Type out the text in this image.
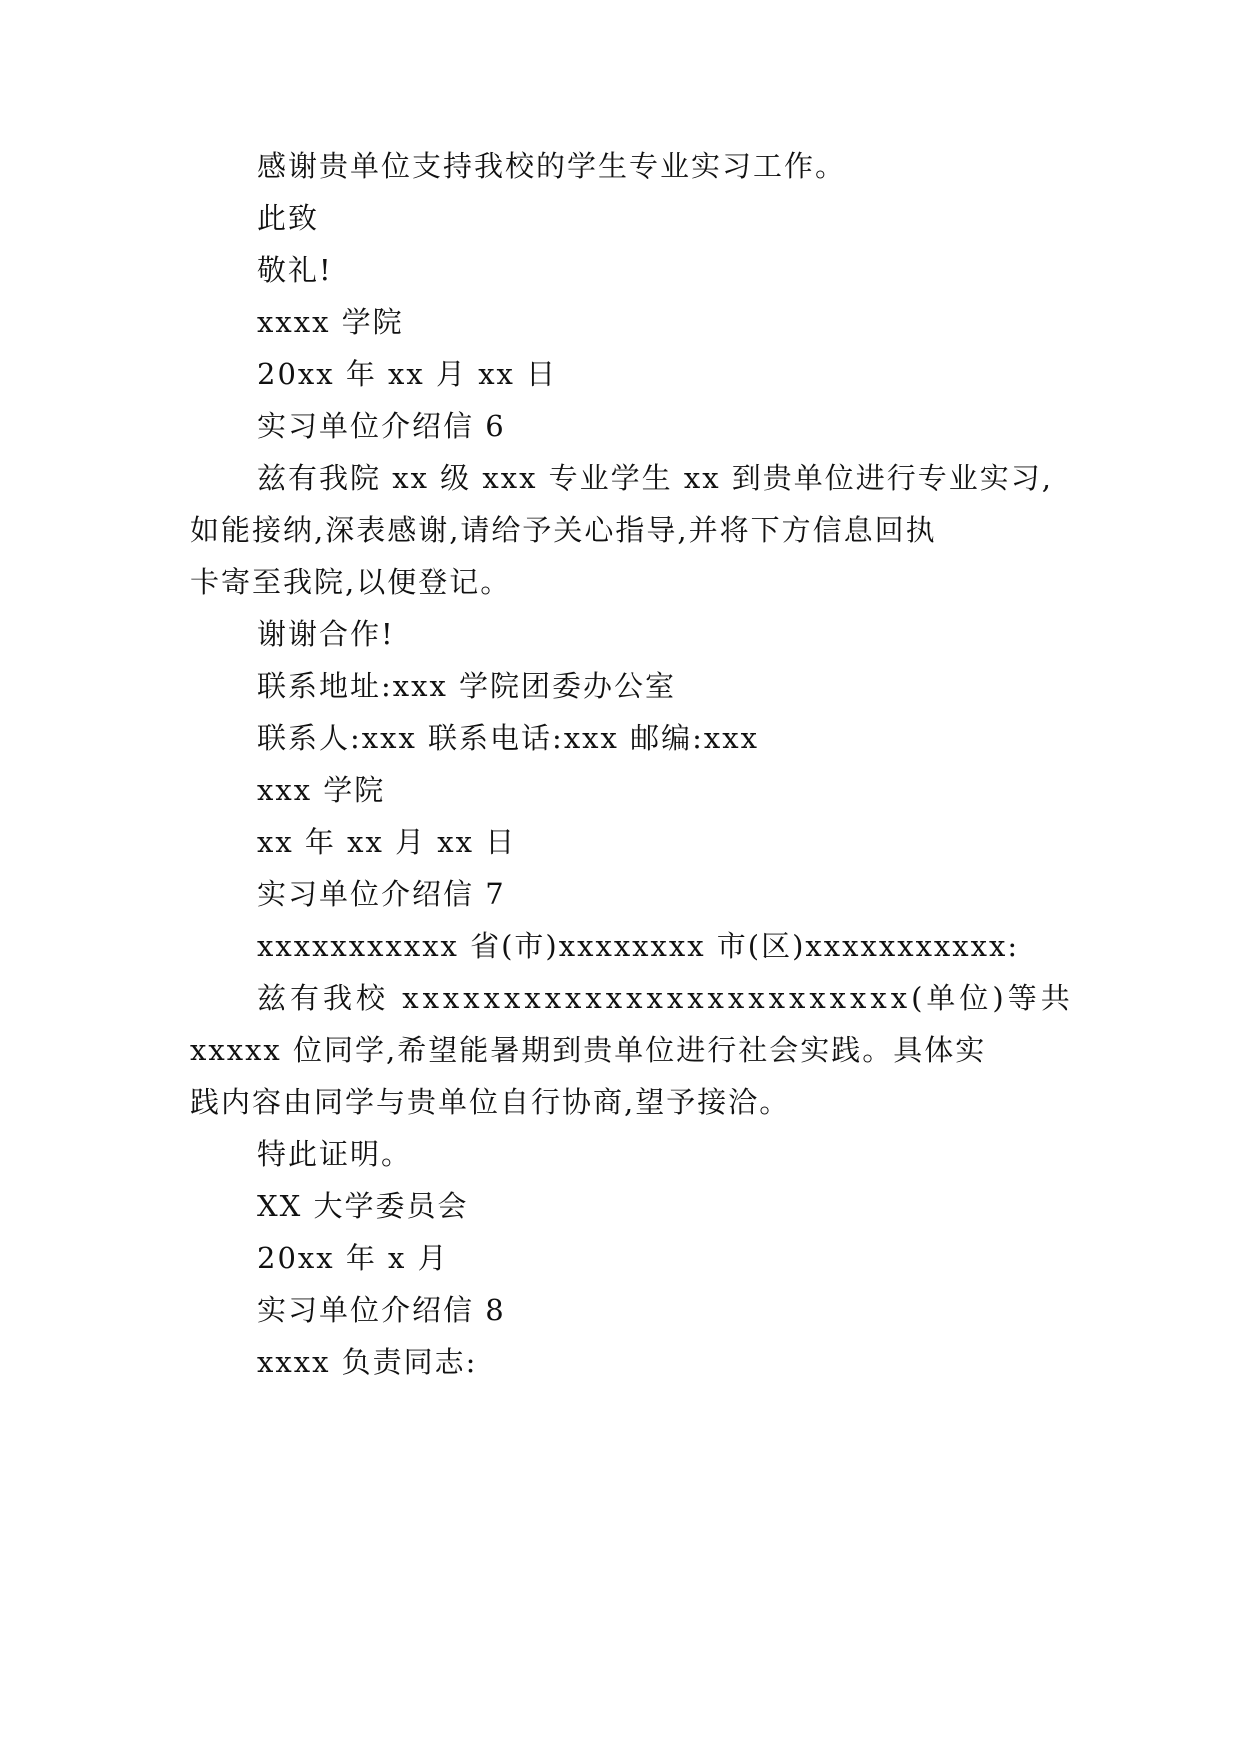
感谢贵单位支持我校的学生专业实习工作。
此致
敬礼!
xxxx 学院
20xx 年 xx 月 xx 日
实习单位介绍信 6
兹有我院 xx 级 xxx 专业学生 xx 到贵单位进行专业实习,
如能接纳,深表感谢,请给予关心指导,并将下方信息回执
卡寄至我院,以便登记。
谢谢合作!
联系地址:xxx 学院团委办公室
联系人:xxx 联系电话:xxx 邮编:xxx
xxx 学院
xx 年 xx 月 xx 日
实习单位介绍信 7
xxxxxxxxxxx 省(市)xxxxxxxx 市(区)xxxxxxxxxxx:
兹有我校 xxxxxxxxxxxxxxxxxxxxxxxxx(单位)等共
xxxxx 位同学,希望能暑期到贵单位进行社会实践。具体实
践内容由同学与贵单位自行协商,望予接洽。
特此证明。
XX 大学委员会
20xx 年 x 月
实习单位介绍信 8
xxxx 负责同志:
